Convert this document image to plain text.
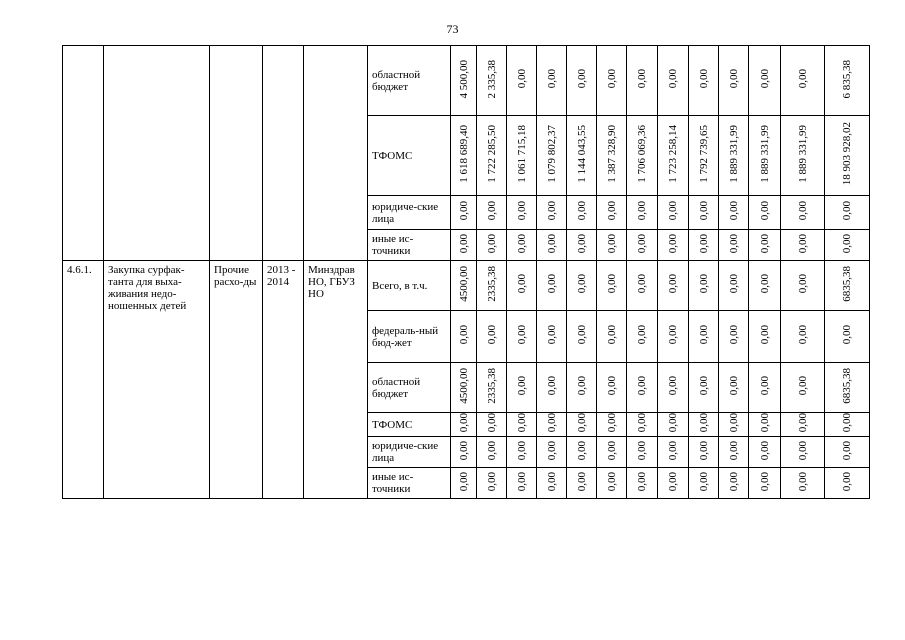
73
					областной бюджет	4 500,00	2 335,38	0,00	0,00	0,00	0,00	0,00	0,00	0,00	0,00	0,00	0,00	6 835,38
					ТФОМС	1 618 689,40	1 722 285,50	1 061 715,18	1 079 802,37	1 144 043,55	1 387 328,90	1 706 069,36	1 723 258,14	1 792 739,65	1 889 331,99	1 889 331,99	1 889 331,99	18 903 928,02
					юридиче-ские лица	0,00	0,00	0,00	0,00	0,00	0,00	0,00	0,00	0,00	0,00	0,00	0,00	0,00
					иные ис-точники	0,00	0,00	0,00	0,00	0,00	0,00	0,00	0,00	0,00	0,00	0,00	0,00	0,00
4.6.1.	Закупка сурфак-танта для выха-живания недо-ношенных детей	Прочие расхо-ды	2013 - 2014	Минздрав НО, ГБУЗ НО	Всего, в т.ч.	4500,00	2335,38	0,00	0,00	0,00	0,00	0,00	0,00	0,00	0,00	0,00	0,00	6835,38
					федераль-ный бюд-жет	0,00	0,00	0,00	0,00	0,00	0,00	0,00	0,00	0,00	0,00	0,00	0,00	0,00
					областной бюджет	4500,00	2335,38	0,00	0,00	0,00	0,00	0,00	0,00	0,00	0,00	0,00	0,00	6835,38
					ТФОМС	0,00	0,00	0,00	0,00	0,00	0,00	0,00	0,00	0,00	0,00	0,00	0,00	0,00
					юридиче-ские лица	0,00	0,00	0,00	0,00	0,00	0,00	0,00	0,00	0,00	0,00	0,00	0,00	0,00
					иные ис-точники	0,00	0,00	0,00	0,00	0,00	0,00	0,00	0,00	0,00	0,00	0,00	0,00	0,00
